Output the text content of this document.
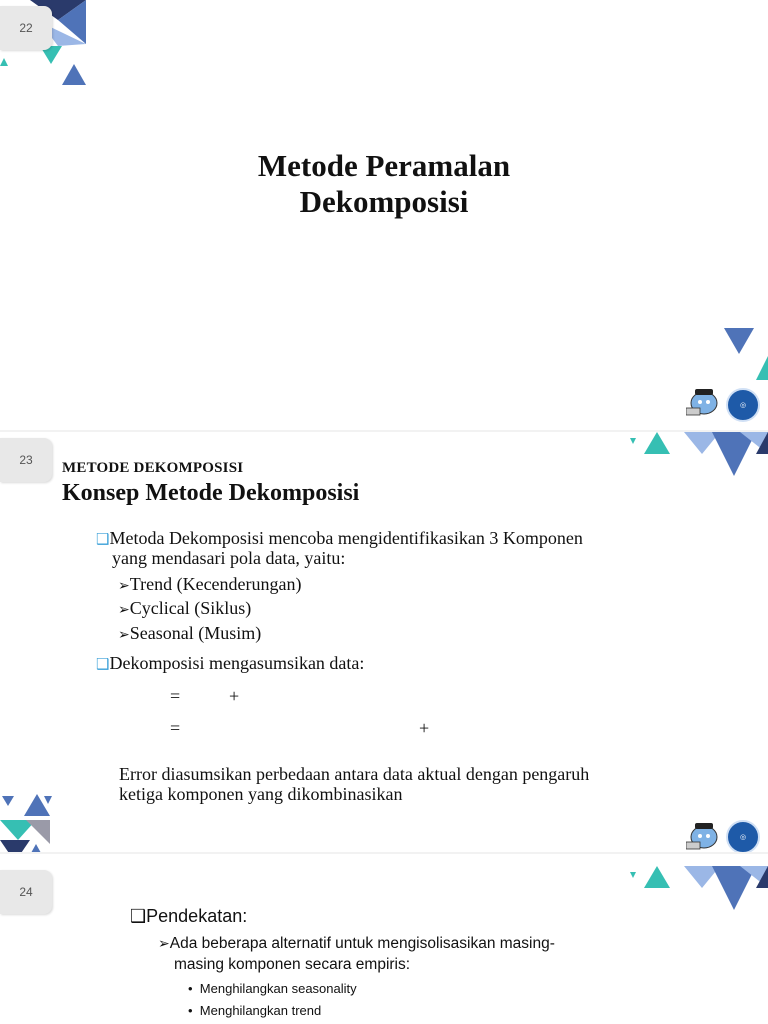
22
Metode Peramalan
Dekomposisi
◎
23	METODE DEKOMPOSISI
Konsep Metode Dekomposisi
❑Metoda Dekomposisi mencoba mengidentifikasikan 3 Komponen
yang mendasari pola data, yaitu:
➢Trend (Kecenderungan)
➢Cyclical (Siklus)
➢Seasonal (Musim)
❑Dekomposisi mengasumsikan data:
=	+
=	+
Error diasumsikan perbedaan antara data aktual dengan pengaruh
ketiga komponen yang dikombinasikan
◎
24
❑Pendekatan:
➢Ada beberapa alternatif untuk mengisolisasikan masing-
masing komponen secara empiris:
• Menghilangkan seasonality
• Menghilangkan trend
